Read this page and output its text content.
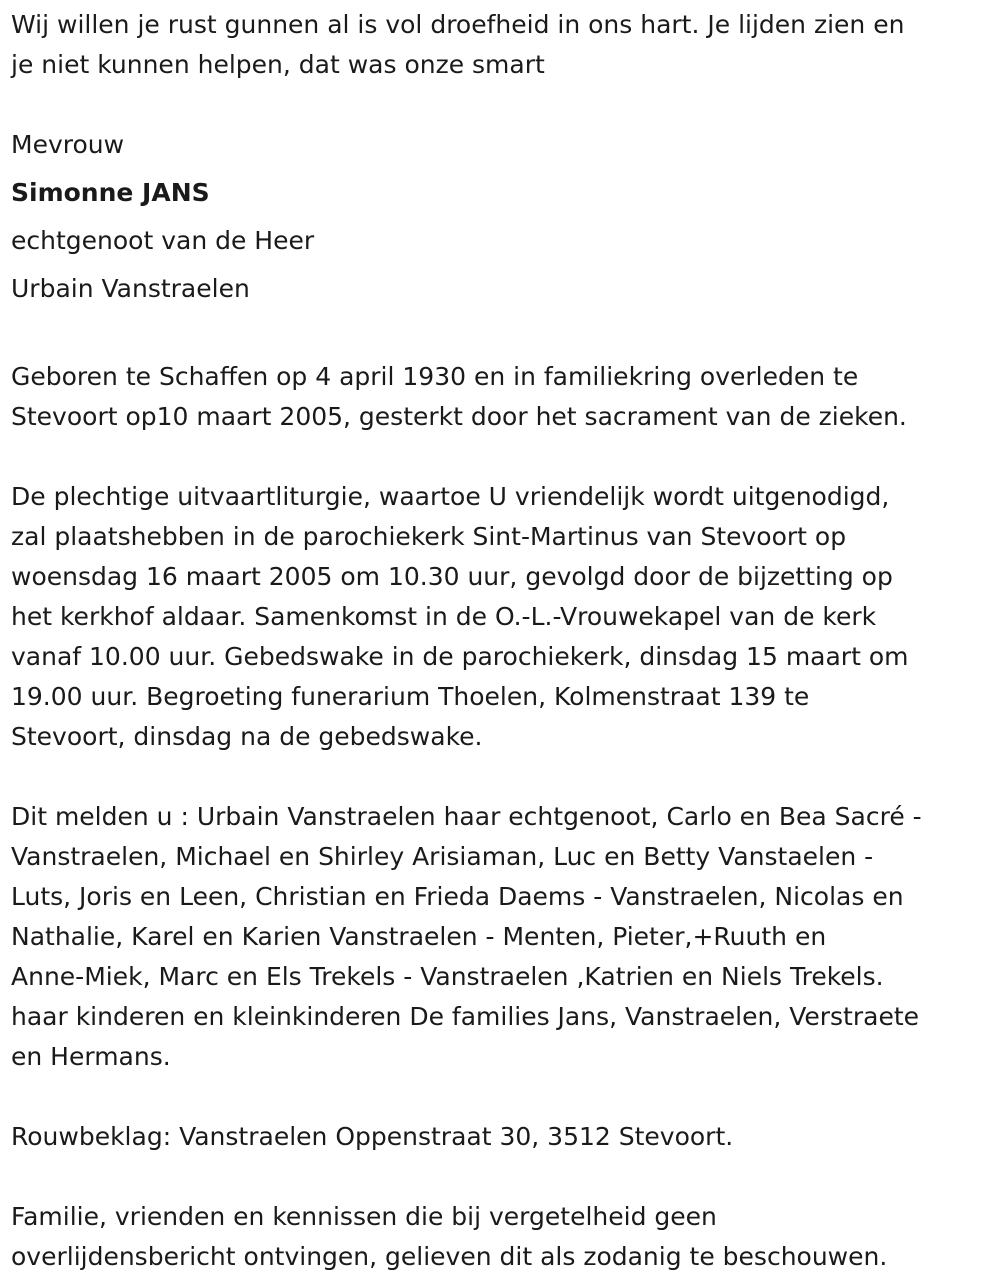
Wij willen je rust gunnen al is vol droefheid in ons hart. Je lijden zien en

je niet kunnen helpen, dat was onze smart

Mevrouw

Simonne JANS

echtgenoot van de Heer

Urbain Vanstraelen

Geboren te Schaffen op 4 april 1930 en in familiekring overleden te

Stevoort op10 maart 2005, gesterkt door het sacrament van de zieken.

De plechtige uitvaartliturgie, waartoe U vriendelijk wordt uitgenodigd,

zal plaatshebben in de parochiekerk Sint-Martinus van Stevoort op

woensdag 16 maart 2005 om 10.30 uur, gevolgd door de bijzetting op

het kerkhof aldaar. Samenkomst in de O.-L.-Vrouwekapel van de kerk

vanaf 10.00 uur. Gebedswake in de parochiekerk, dinsdag 15 maart om

19.00 uur. Begroeting funerarium Thoelen, Kolmenstraat 139 te

Stevoort, dinsdag na de gebedswake.

Dit melden u : Urbain Vanstraelen haar echtgenoot, Carlo en Bea Sacré -

Vanstraelen, Michael en Shirley Arisiaman, Luc en Betty Vanstaelen -

Luts, Joris en Leen, Christian en Frieda Daems - Vanstraelen, Nicolas en

Nathalie, Karel en Karien Vanstraelen - Menten, Pieter,+Ruuth en

Anne-Miek, Marc en Els Trekels - Vanstraelen ,Katrien en Niels Trekels.

haar kinderen en kleinkinderen De families Jans, Vanstraelen, Verstraete

en Hermans.

Rouwbeklag: Vanstraelen Oppenstraat 30, 3512 Stevoort.

Familie, vrienden en kennissen die bij vergetelheid geen

overlijdensbericht ontvingen, gelieven dit als zodanig te beschouwen.
